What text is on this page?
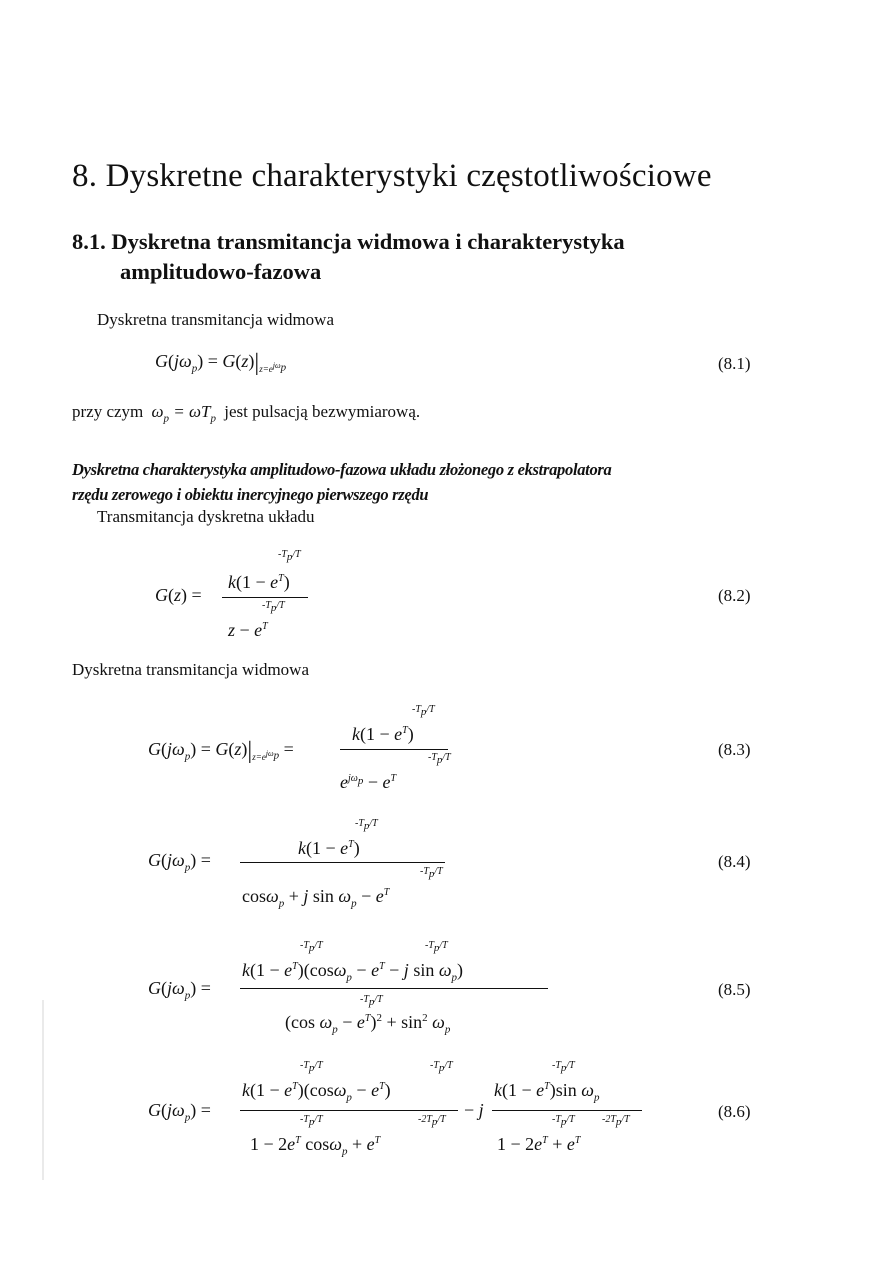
8. Dyskretne charakterystyki częstotliwościowe
8.1. Dyskretna transmitancja widmowa i charakterystyka
amplitudowo-fazowa
Dyskretna transmitancja widmowa
$G(j\omega_p) = G(z)|_{z=e^{j\omega_p}}$	(8.1)
przy czym $\omega_p = \omega T_p$ jest pulsacją bezwymiarową.
Dyskretna charakterystyka amplitudowo-fazowa układu złożonego z ekstrapolatora
rzędu zerowego i obiektu inercyjnego pierwszego rzędu
Transmitancja dyskretna układu
G (z) =
$-T_p/T$
$k(1 - e^T)$
$-T_p/T$
$z - e^T$
(8.2)
Dyskretna transmitancja widmowa
$G(j\omega_p) = G(z)|_{z=e^{j\omega_p}}$ =
$-T_p/T$
$k(1 - e^T)$
$-T_p/T$
$e^{j\omega_p} - e^T$
(8.3)
$G(j\omega_p)$ =
$-T_p/T$
$k(1 - e^T)$
$-T_p/T$
cosω$_p$ + j $\sin \omega_p - e^T$
(8.4)
$G(j\omega_p)$ =
$-T_p/T$	$-T_p/T$
$k(1 - e^T)(\cos\omega_p - e^T - j$ $\sin \omega_p$)
$-T_p/T$
(cos $\omega_p - e^T)^2 + \sin^2 \omega_p$
(8.5)
$G(j\omega_p)$ =
$-T_p/T$	$-T_p/T$
$k(1 - e^T)(\cos\omega_p - e^T)$
$-T_p/T$	$-2T_p/T$
$1 - 2e^T$ $\cos\omega_p + e^T$
− j
$-T_p/T$
$k(1 - e^T)\sin$ $\omega_p$
$-T_p/T$	$-2T_p/T$
$1 - 2e^T + e^T$
(8.6)
